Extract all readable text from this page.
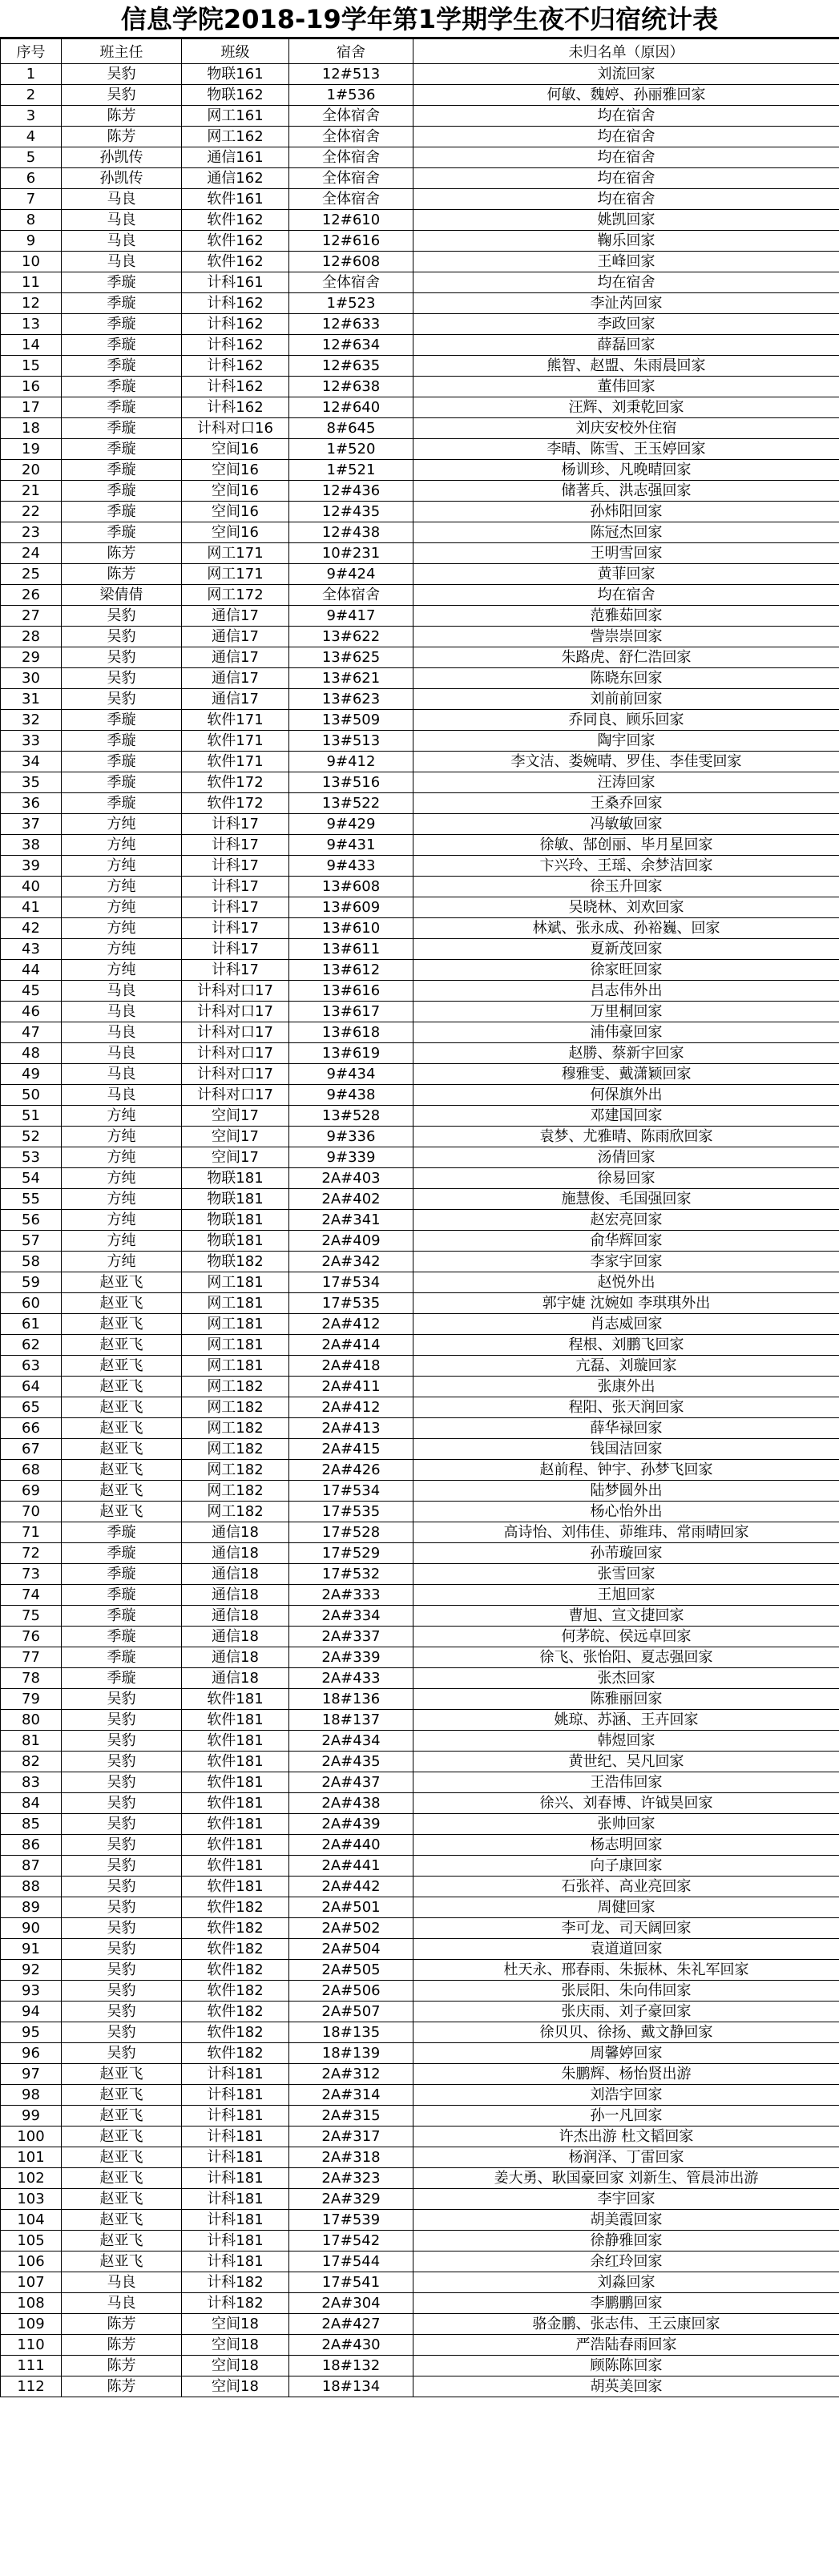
信息学院2018-19学年第1学期学生夜不归宿统计表
序号	班主任	班级	宿舍	未归名单（原因）
1	吴豹	物联161	12#513	刘流回家
2	吴豹	物联162	1#536	何敏、魏婷、孙丽雅回家
3	陈芳	网工161	全体宿舍	均在宿舍
4	陈芳	网工162	全体宿舍	均在宿舍
5	孙凯传	通信161	全体宿舍	均在宿舍
6	孙凯传	通信162	全体宿舍	均在宿舍
7	马良	软件161	全体宿舍	均在宿舍
8	马良	软件162	12#610	姚凯回家
9	马良	软件162	12#616	鞠乐回家
10	马良	软件162	12#608	王峰回家
11	季璇	计科161	全体宿舍	均在宿舍
12	季璇	计科162	1#523	李沚芮回家
13	季璇	计科162	12#633	李政回家
14	季璇	计科162	12#634	薛磊回家
15	季璇	计科162	12#635	熊智、赵盟、朱雨晨回家
16	季璇	计科162	12#638	董伟回家
17	季璇	计科162	12#640	汪辉、刘秉乾回家
18	季璇	计科对口16	8#645	刘庆安校外住宿
19	季璇	空间16	1#520	李晴、陈雪、王玉婷回家
20	季璇	空间16	1#521	杨训珍、凡晚晴回家
21	季璇	空间16	12#436	储著兵、洪志强回家
22	季璇	空间16	12#435	孙炜阳回家
23	季璇	空间16	12#438	陈冠杰回家
24	陈芳	网工171	10#231	王明雪回家
25	陈芳	网工171	9#424	黄菲回家
26	梁倩倩	网工172	全体宿舍	均在宿舍
27	吴豹	通信17	9#417	范雅茹回家
28	吴豹	通信17	13#622	訾崇崇回家
29	吴豹	通信17	13#625	朱路虎、舒仁浩回家
30	吴豹	通信17	13#621	陈晓东回家
31	吴豹	通信17	13#623	刘前前回家
32	季璇	软件171	13#509	乔同良、顾乐回家
33	季璇	软件171	13#513	陶宇回家
34	季璇	软件171	9#412	李文洁、娄婉晴、罗佳、李佳雯回家
35	季璇	软件172	13#516	汪涛回家
36	季璇	软件172	13#522	王桑乔回家
37	方纯	计科17	9#429	冯敏敏回家
38	方纯	计科17	9#431	徐敏、郜创丽、毕月星回家
39	方纯	计科17	9#433	卞兴玲、王瑶、余梦洁回家
40	方纯	计科17	13#608	徐玉升回家
41	方纯	计科17	13#609	吴晓林、刘欢回家
42	方纯	计科17	13#610	林斌、张永成、孙裕巍、回家
43	方纯	计科17	13#611	夏新茂回家
44	方纯	计科17	13#612	徐家旺回家
45	马良	计科对口17	13#616	吕志伟外出
46	马良	计科对口17	13#617	万里桐回家
47	马良	计科对口17	13#618	浦伟豪回家
48	马良	计科对口17	13#619	赵勝、蔡新宇回家
49	马良	计科对口17	9#434	穆雅雯、戴潇颖回家
50	马良	计科对口17	9#438	何保旗外出
51	方纯	空间17	13#528	邓建国回家
52	方纯	空间17	9#336	袁梦、尤雅晴、陈雨欣回家
53	方纯	空间17	9#339	汤倩回家
54	方纯	物联181	2A#403	徐易回家
55	方纯	物联181	2A#402	施慧俊、毛国强回家
56	方纯	物联181	2A#341	赵宏亮回家
57	方纯	物联181	2A#409	俞华辉回家
58	方纯	物联182	2A#342	李家宇回家
59	赵亚飞	网工181	17#534	赵悦外出
60	赵亚飞	网工181	17#535	郭宇婕 沈婉如 李琪琪外出
61	赵亚飞	网工181	2A#412	肖志威回家
62	赵亚飞	网工181	2A#414	程根、刘鹏飞回家
63	赵亚飞	网工181	2A#418	亢磊、刘璇回家
64	赵亚飞	网工182	2A#411	张康外出
65	赵亚飞	网工182	2A#412	程阳、张天润回家
66	赵亚飞	网工182	2A#413	薛华禄回家
67	赵亚飞	网工182	2A#415	钱国洁回家
68	赵亚飞	网工182	2A#426	赵前程、钟宇、孙梦飞回家
69	赵亚飞	网工182	17#534	陆梦圆外出
70	赵亚飞	网工182	17#535	杨心怡外出
71	季璇	通信18	17#528	高诗怡、刘伟佳、茆维玮、常雨晴回家
72	季璇	通信18	17#529	孙芾璇回家
73	季璇	通信18	17#532	张雪回家
74	季璇	通信18	2A#333	王旭回家
75	季璇	通信18	2A#334	曹旭、宣文捷回家
76	季璇	通信18	2A#337	何茅皖、侯远卓回家
77	季璇	通信18	2A#339	徐飞、张怡阳、夏志强回家
78	季璇	通信18	2A#433	张杰回家
79	吴豹	软件181	18#136	陈雅丽回家
80	吴豹	软件181	18#137	姚琼、苏涵、王卉回家
81	吴豹	软件181	2A#434	韩煜回家
82	吴豹	软件181	2A#435	黄世纪、吴凡回家
83	吴豹	软件181	2A#437	王浩伟回家
84	吴豹	软件181	2A#438	徐兴、刘春博、许钺昊回家
85	吴豹	软件181	2A#439	张帅回家
86	吴豹	软件181	2A#440	杨志明回家
87	吴豹	软件181	2A#441	向子康回家
88	吴豹	软件181	2A#442	石张祥、高业亮回家
89	吴豹	软件182	2A#501	周健回家
90	吴豹	软件182	2A#502	李可龙、司天阔回家
91	吴豹	软件182	2A#504	袁道道回家
92	吴豹	软件182	2A#505	杜天永、邢春雨、朱振林、朱礼军回家
93	吴豹	软件182	2A#506	张辰阳、朱向伟回家
94	吴豹	软件182	2A#507	张庆雨、刘子豪回家
95	吴豹	软件182	18#135	徐贝贝、徐扬、戴文静回家
96	吴豹	软件182	18#139	周馨婷回家
97	赵亚飞	计科181	2A#312	朱鹏辉、杨怡贤出游
98	赵亚飞	计科181	2A#314	刘浩宇回家
99	赵亚飞	计科181	2A#315	孙一凡回家
100	赵亚飞	计科181	2A#317	许杰出游 杜文韬回家
101	赵亚飞	计科181	2A#318	杨润泽、丁雷回家
102	赵亚飞	计科181	2A#323	姜大勇、耿国豪回家 刘新生、管晨沛出游
103	赵亚飞	计科181	2A#329	李宇回家
104	赵亚飞	计科181	17#539	胡美霞回家
105	赵亚飞	计科181	17#542	徐静雅回家
106	赵亚飞	计科181	17#544	余红玲回家
107	马良	计科182	17#541	刘淼回家
108	马良	计科182	2A#304	李鹏鹏回家
109	陈芳	空间18	2A#427	骆金鹏、张志伟、王云康回家
110	陈芳	空间18	2A#430	严浩陆春雨回家
111	陈芳	空间18	18#132	顾陈陈回家
112	陈芳	空间18	18#134	胡英美回家
